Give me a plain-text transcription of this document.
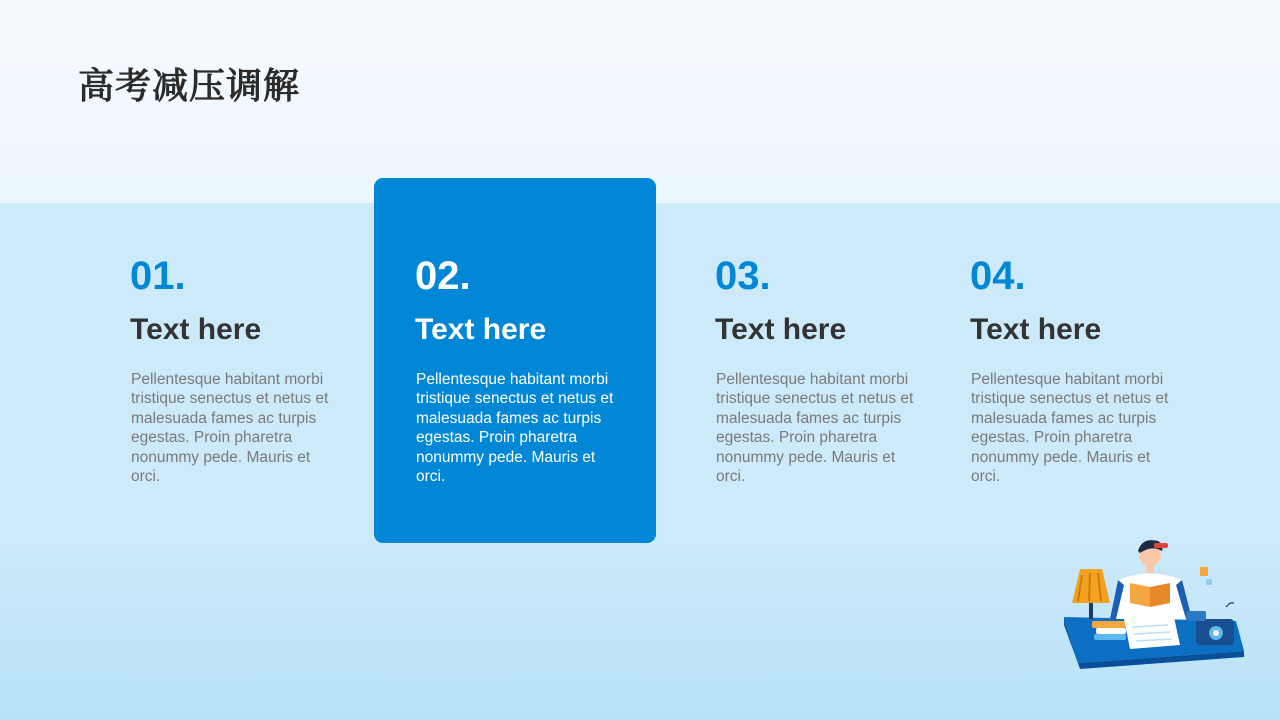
高考减压调解

01.

Text here

Pellentesque habitant morbi tristique senectus et netus et malesuada fames ac turpis egestas. Proin pharetra nonummy pede. Mauris et orci.

02.

Text here

Pellentesque habitant morbi tristique senectus et netus et malesuada fames ac turpis egestas. Proin pharetra nonummy pede. Mauris et orci.

03.

Text here

Pellentesque habitant morbi tristique senectus et netus et malesuada fames ac turpis egestas. Proin pharetra nonummy pede. Mauris et orci.

04.

Text here

Pellentesque habitant morbi tristique senectus et netus et malesuada fames ac turpis egestas. Proin pharetra nonummy pede. Mauris et orci.
